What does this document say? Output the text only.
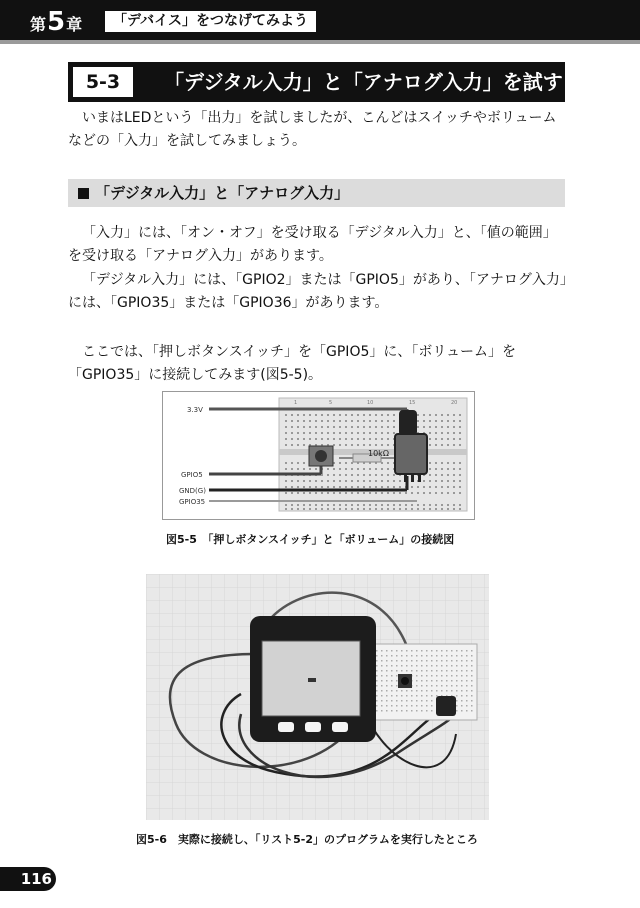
第 5 章	「デバイス」をつなげてみよう
5-3	「デジタル入力」と「アナログ入力」を試す

いまはLEDという「出力」を試しましたが、こんどはスイッチやボリュームなどの「入力」を試してみましょう。

「デジタル入力」と「アナログ入力」

「入力」には、「オン・オフ」を受け取る「デジタル入力」と、「値の範囲」を受け取る「アナログ入力」があります。

「デジタル入力」には、「GPIO2」または「GPIO5」があり、「アナログ入力」には、「GPIO35」または「GPIO36」があります。

ここでは、「押しボタンスイッチ」を「GPIO5」に、「ボリューム」を「GPIO35」に接続してみます(図5-5)。

1	5	10	15	20
3.3V
GPIO5
GND(G)
GPIO35
10kΩ
図5-5　「押しボタンスイッチ」と「ボリューム」の接続図
図5-6　実際に接続し、「リスト5-2」のプログラムを実行したところ
116
